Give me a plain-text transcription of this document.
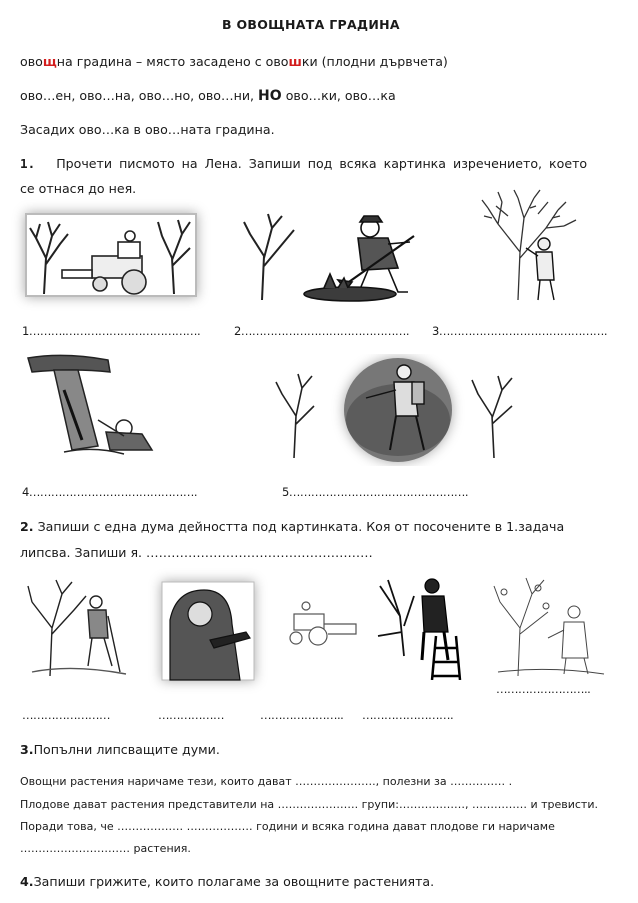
В ОВОЩНАТА ГРАДИНА
овощна градина – място засадено с овошки (плодни дървчета)
ово…ен, ово…на, ово…но, ово…ни, НО ово…ки, ово…ка
Засадих ово…ка в ово…ната градина.
1. Прочети писмото на Лена. Запиши под всяка картинка изречението, което
се отнася до нея.
1……….……………………………….	2………………………………………. 3……………………………………….
4……………………………………….	5………………………………………….
2. Запиши с една дума дейността под картинката. Коя от посочените в 1.задача
липсва. Запиши я. ………………………………………………
……………………..
……………………	………………	………………….. …………………….
3.Попълни липсващите думи.
Овощни растения наричаме тези, които дават …………………., полезни за …………… .
Плодове дават растения представители на …………………. групи:………………, …………… и тревисти.
Поради това, че ……………… ……………… години и всяка година дават плодове ги наричаме
………………………… растения.
4.Запиши грижите, които полагаме за овощните растенията.
